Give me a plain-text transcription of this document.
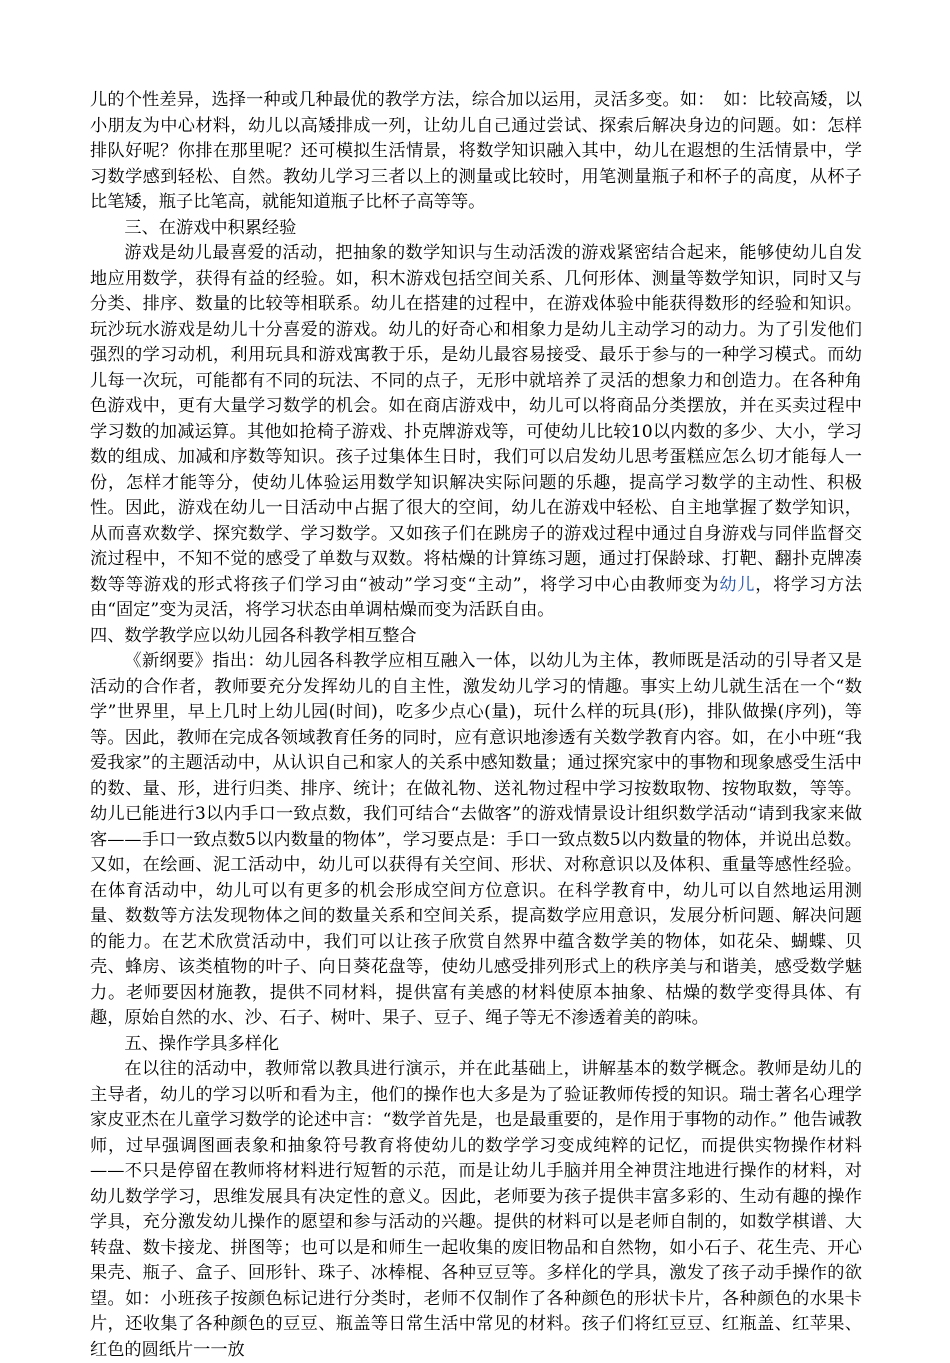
儿的个性差异，选择一种或几种最优的教学方法，综合加以运用，灵活多变。如：　如：比较高矮，以小朋友为中心材料，幼儿以高矮排成一列，让幼儿自己通过尝试、探索后解决身边的问题。如：怎样排队好呢？你排在那里呢？还可模拟生活情景，将数学知识融入其中，幼儿在遐想的生活情景中，学习数学感到轻松、自然。教幼儿学习三者以上的测量或比较时，用笔测量瓶子和杯子的高度，从杯子比笔矮，瓶子比笔高，就能知道瓶子比杯子高等等。

三、在游戏中积累经验

游戏是幼儿最喜爱的活动，把抽象的数学知识与生动活泼的游戏紧密结合起来，能够使幼儿自发地应用数学，获得有益的经验。如，积木游戏包括空间关系、几何形体、测量等数学知识，同时又与分类、排序、数量的比较等相联系。幼儿在搭建的过程中，在游戏体验中能获得数形的经验和知识。玩沙玩水游戏是幼儿十分喜爱的游戏。幼儿的好奇心和相象力是幼儿主动学习的动力。为了引发他们强烈的学习动机，利用玩具和游戏寓教于乐，是幼儿最容易接受、最乐于参与的一种学习模式。而幼儿每一次玩，可能都有不同的玩法、不同的点子，无形中就培养了灵活的想象力和创造力。在各种角色游戏中，更有大量学习数学的机会。如在商店游戏中，幼儿可以将商品分类摆放，并在买卖过程中学习数的加减运算。其他如抢椅子游戏、扑克牌游戏等，可使幼儿比较10以内数的多少、大小，学习数的组成、加减和序数等知识。孩子过集体生日时，我们可以启发幼儿思考蛋糕应怎么切才能每人一份，怎样才能等分，使幼儿体验运用数学知识解决实际问题的乐趣，提高学习数学的主动性、积极性。因此，游戏在幼儿一日活动中占据了很大的空间，幼儿在游戏中轻松、自主地掌握了数学知识，从而喜欢数学、探究数学、学习数学。又如孩子们在跳房子的游戏过程中通过自身游戏与同伴监督交流过程中，不知不觉的感受了单数与双数。将枯燥的计算练习题，通过打保龄球、打靶、翻扑克牌凑数等等游戏的形式将孩子们学习由“被动”学习变“主动”，将学习中心由教师变为幼儿，将学习方法由“固定”变为灵活，将学习状态由单调枯燥而变为活跃自由。

四、数学教学应以幼儿园各科教学相互整合

《新纲要》指出：幼儿园各科教学应相互融入一体，以幼儿为主体，教师既是活动的引导者又是活动的合作者，教师要充分发挥幼儿的自主性，激发幼儿学习的情趣。事实上幼儿就生活在一个“数学”世界里，早上几时上幼儿园(时间)，吃多少点心(量)，玩什么样的玩具(形)，排队做操(序列)，等等。因此，教师在完成各领域教育任务的同时，应有意识地渗透有关数学教育内容。如，在小中班“我爱我家”的主题活动中，从认识自己和家人的关系中感知数量；通过探究家中的事物和现象感受生活中的数、量、形，进行归类、排序、统计；在做礼物、送礼物过程中学习按数取物、按物取数，等等。幼儿已能进行3以内手口一致点数，我们可结合“去做客”的游戏情景设计组织数学活动“请到我家来做客——手口一致点数5以内数量的物体”，学习要点是：手口一致点数5以内数量的物体，并说出总数。又如，在绘画、泥工活动中，幼儿可以获得有关空间、形状、对称意识以及体积、重量等感性经验。在体育活动中，幼儿可以有更多的机会形成空间方位意识。在科学教育中，幼儿可以自然地运用测量、数数等方法发现物体之间的数量关系和空间关系，提高数学应用意识，发展分析问题、解决问题的能力。在艺术欣赏活动中，我们可以让孩子欣赏自然界中蕴含数学美的物体，如花朵、蝴蝶、贝壳、蜂房、该类植物的叶子、向日葵花盘等，使幼儿感受排列形式上的秩序美与和谐美，感受数学魅力。老师要因材施教，提供不同材料，提供富有美感的材料使原本抽象、枯燥的数学变得具体、有趣，原始自然的水、沙、石子、树叶、果子、豆子、绳子等无不渗透着美的韵味。

五、操作学具多样化

在以往的活动中，教师常以教具进行演示，并在此基础上，讲解基本的数学概念。教师是幼儿的主导者，幼儿的学习以听和看为主，他们的操作也大多是为了验证教师传授的知识。瑞士著名心理学家皮亚杰在儿童学习数学的论述中言：“数学首先是，也是最重要的，是作用于事物的动作。” 他告诫教师，过早强调图画表象和抽象符号教育将使幼儿的数学学习变成纯粹的记忆，而提供实物操作材料——不只是停留在教师将材料进行短暂的示范，而是让幼儿手脑并用全神贯注地进行操作的材料，对幼儿数学学习，思维发展具有决定性的意义。因此，老师要为孩子提供丰富多彩的、生动有趣的操作学具，充分激发幼儿操作的愿望和参与活动的兴趣。提供的材料可以是老师自制的，如数学棋谱、大转盘、数卡接龙、拼图等；也可以是和师生一起收集的废旧物品和自然物，如小石子、花生壳、开心果壳、瓶子、盒子、回形针、珠子、冰棒棍、各种豆豆等。多样化的学具，激发了孩子动手操作的欲望。如：小班孩子按颜色标记进行分类时，老师不仅制作了各种颜色的形状卡片，各种颜色的水果卡片，还收集了各种颜色的豆豆、瓶盖等日常生活中常见的材料。孩子们将红豆豆、红瓶盖、红苹果、红色的圆纸片一一放
